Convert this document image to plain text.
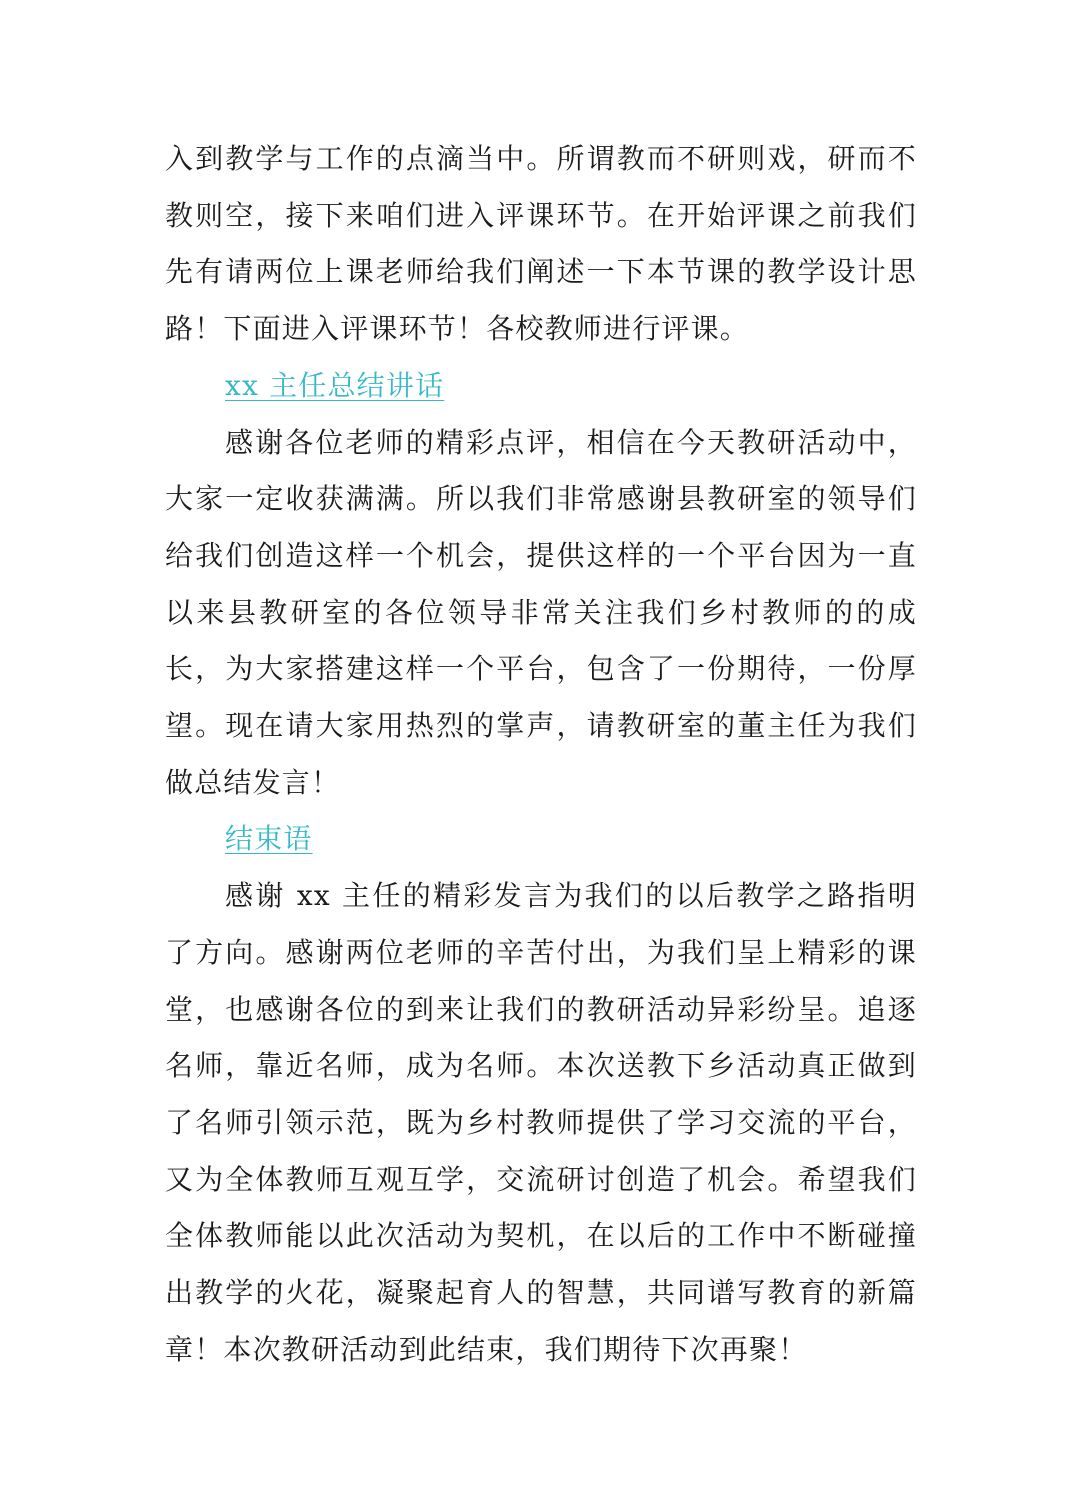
入到教学与工作的点滴当中。所谓教而不研则戏，研而不教则空，接下来咱们进入评课环节。在开始评课之前我们先有请两位上课老师给我们阐述一下本节课的教学设计思路！下面进入评课环节！各校教师进行评课。

xx 主任总结讲话

感谢各位老师的精彩点评，相信在今天教研活动中，大家一定收获满满。所以我们非常感谢县教研室的领导们给我们创造这样一个机会，提供这样的一个平台因为一直以来县教研室的各位领导非常关注我们乡村教师的的成长，为大家搭建这样一个平台，包含了一份期待，一份厚望。现在请大家用热烈的掌声，请教研室的董主任为我们做总结发言！

结束语

感谢 xx 主任的精彩发言为我们的以后教学之路指明了方向。感谢两位老师的辛苦付出，为我们呈上精彩的课堂，也感谢各位的到来让我们的教研活动异彩纷呈。追逐名师，靠近名师，成为名师。本次送教下乡活动真正做到了名师引领示范，既为乡村教师提供了学习交流的平台，又为全体教师互观互学，交流研讨创造了机会。希望我们全体教师能以此次活动为契机，在以后的工作中不断碰撞出教学的火花，凝聚起育人的智慧，共同谱写教育的新篇章！本次教研活动到此结束，我们期待下次再聚！
